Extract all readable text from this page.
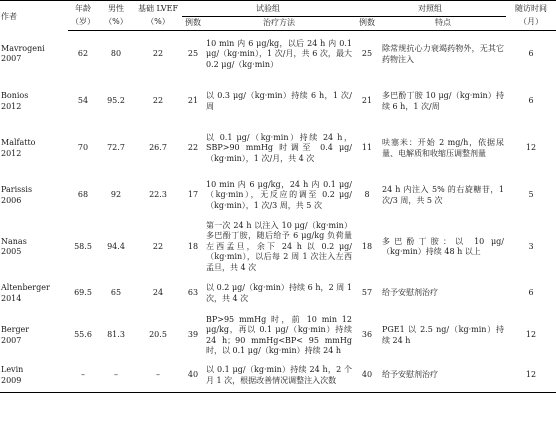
作者	年龄	男性	基础 LVEF	试验组		对照组		随访时间

	（岁）	（%）	（%）	例数	治疗方法	例数	特点	（月）

Mavrogeni
2007	62	80	22	25	10 min 内 6 μg/kg，以后 24 h 内 0.1 μg/（kg·min），1 次/月，共 6 次，最大 0.2 μg/（kg·min）	25	除常规抗心力衰竭药物外，无其它药物注入	6

Bonios
2012	54	95.2	22	21	以 0.3 μg/（kg·min）持续 6 h，1 次/周	21	多巴酚丁胺 10 μg/（kg·min）持续 6 h，1 次/周	6

Malfatto
2012	70	72.7	26.7	22	以 0.1 μg/（kg·min）持续 24 h，SBP>90 mmHg 时调至 0.4 μg/（kg·min），1 次/月，共 4 次	11	呋塞米：开始 2 mg/h，依据尿量、电解质和收缩压调整剂量	12

Parissis
2006	68	92	22.3	17	10 min 内 6 μg/kg，24 h 内 0.1 μg/（kg·min），无反应的调至 0.2 μg/（kg·min），1 次/3 周，共 5 次	8	24 h 内注入 5% 的右旋糖苷，1 次/3 周，共 5 次	5

Nanas
2005	58.5	94.4	22	18	第一次 24 h 以注入 10 μg/（kg·min）多巴酚丁胺，随后给予 6 μg/kg 负荷量左西孟旦，余下 24 h 以 0.2 μg/（kg·min），以后每 2 周 1 次注入左西孟旦，共 4 次	18	多巴酚丁胺：以 10 μg/（kg·min）持续 48 h 以上	3

Altenberger
2014	69.5	65	24	63	以 0.2 μg/（kg·min）持续 6 h，2 周 1 次，共 4 次	57	给予安慰剂治疗	6

Berger
2007	55.6	81.3	20.5	39	BP>95 mmHg 时，前 10 min 12 μg/kg，再以 0.1 μg/（kg·min）持续 24 h；90 mmHg<BP< 95 mmHg 时，以 0.1 μg/（kg·min）持续 24 h	36	PGE1 以 2.5 ng/（kg·min）持续 24 h	12

Levin
2009	–	–	–	40	以 0.1 μg/（kg·min）持续 24 h，2 个月 1 次，根据改善情况调整注入次数	40	给予安慰剂治疗	12
